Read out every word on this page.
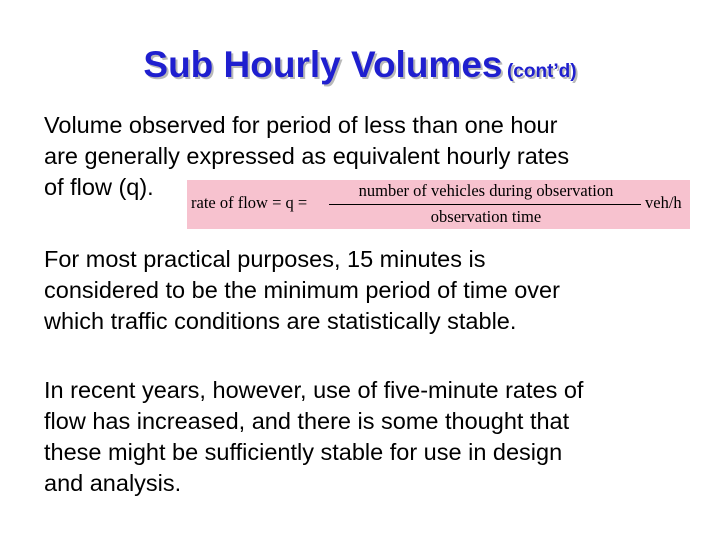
Sub Hourly Volumes (cont’d)
Volume observed for period of less than one hour
are generally expressed as equivalent hourly rates
of flow (q).
rate of flow = q =
number of vehicles during observation
observation time
veh/h
For most practical purposes, 15 minutes is
considered to be the minimum period of time over
which traffic conditions are statistically stable.
In recent years, however, use of five-minute rates of
flow has increased, and there is some thought that
these might be sufficiently stable for use in design
and analysis.
